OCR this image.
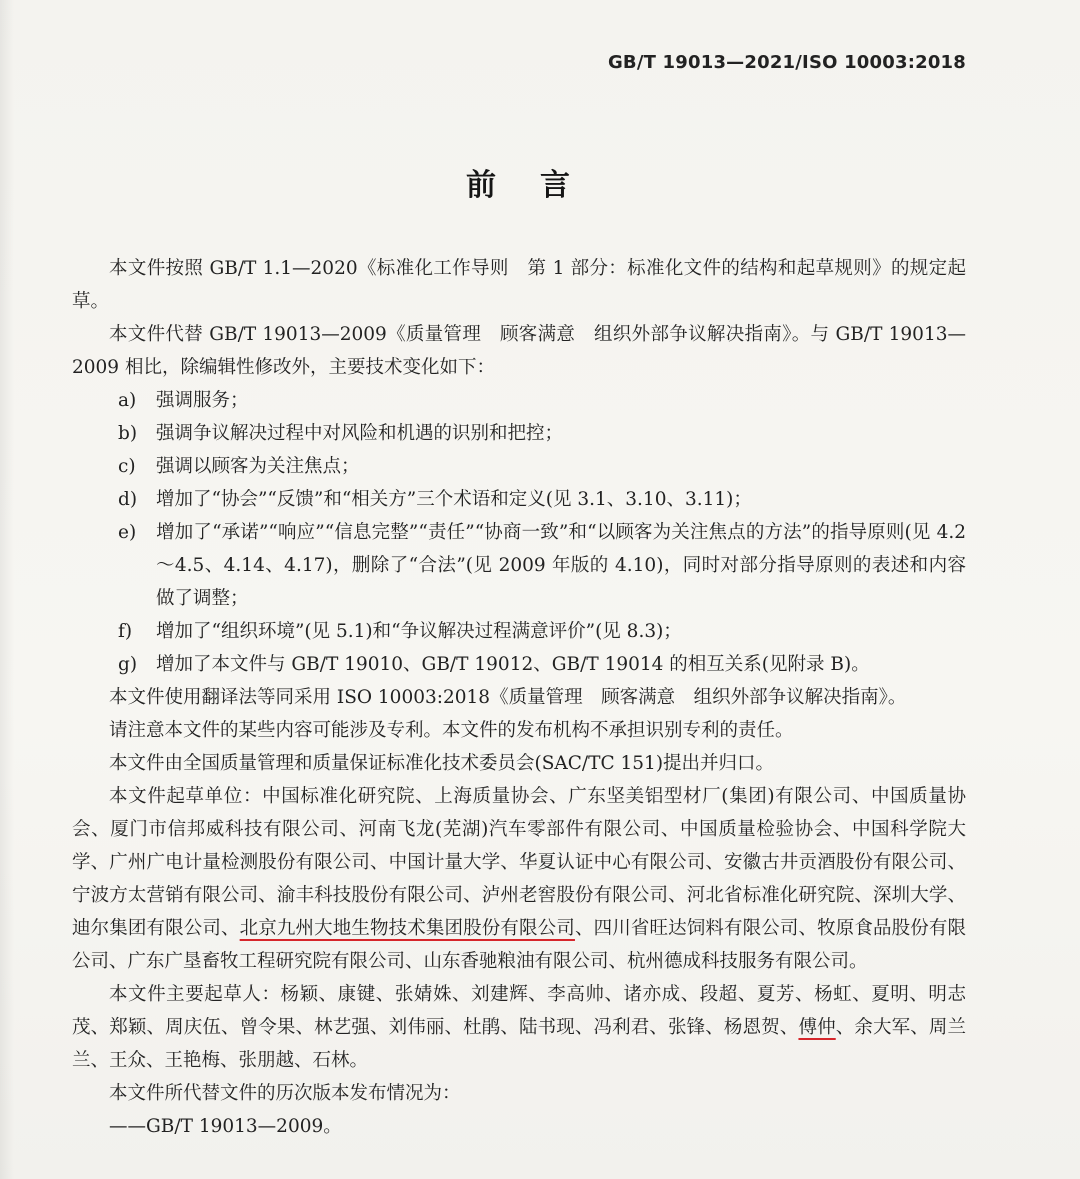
GB/T 19013—2021/ISO 10003:2018
前言

本文件按照 GB/T 1.1—2020《标准化工作导则　第 1 部分：标准化文件的结构和起草规则》的规定起草。

本文件代替 GB/T 19013—2009《质量管理　顾客满意　组织外部争议解决指南》。与 GB/T 19013—2009 相比，除编辑性修改外，主要技术变化如下：

a) 强调服务；

b) 强调争议解决过程中对风险和机遇的识别和把控；

c) 强调以顾客为关注焦点；

d) 增加了“协会”“反馈”和“相关方”三个术语和定义(见 3.1、3.10、3.11)；

e) 增加了“承诺”“响应”“信息完整”“责任”“协商一致”和“以顾客为关注焦点的方法”的指导原则(见 4.2～4.5、4.14、4.17)，删除了“合法”(见 2009 年版的 4.10)，同时对部分指导原则的表述和内容做了调整；

f) 增加了“组织环境”(见 5.1)和“争议解决过程满意评价”(见 8.3)；

g) 增加了本文件与 GB/T 19010、GB/T 19012、GB/T 19014 的相互关系(见附录 B)。

本文件使用翻译法等同采用 ISO 10003:2018《质量管理　顾客满意　组织外部争议解决指南》。

请注意本文件的某些内容可能涉及专利。本文件的发布机构不承担识别专利的责任。

本文件由全国质量管理和质量保证标准化技术委员会(SAC/TC 151)提出并归口。

本文件起草单位：中国标准化研究院、上海质量协会、广东坚美铝型材厂(集团)有限公司、中国质量协会、厦门市信邦威科技有限公司、河南飞龙(芜湖)汽车零部件有限公司、中国质量检验协会、中国科学院大学、广州广电计量检测股份有限公司、中国计量大学、华夏认证中心有限公司、安徽古井贡酒股份有限公司、宁波方太营销有限公司、渝丰科技股份有限公司、泸州老窖股份有限公司、河北省标准化研究院、深圳大学、迪尔集团有限公司、北京九州大地生物技术集团股份有限公司、四川省旺达饲料有限公司、牧原食品股份有限公司、广东广垦畜牧工程研究院有限公司、山东香驰粮油有限公司、杭州德成科技服务有限公司。

本文件主要起草人：杨颖、康键、张婧姝、刘建辉、李高帅、诸亦成、段超、夏芳、杨虹、夏明、明志茂、郑颖、周庆伍、曾令果、林艺强、刘伟丽、杜鹃、陆书现、冯利君、张锋、杨恩贺、傅仲、余大军、周兰兰、王众、王艳梅、张朋越、石林。

本文件所代替文件的历次版本发布情况为：

——GB/T 19013—2009。
